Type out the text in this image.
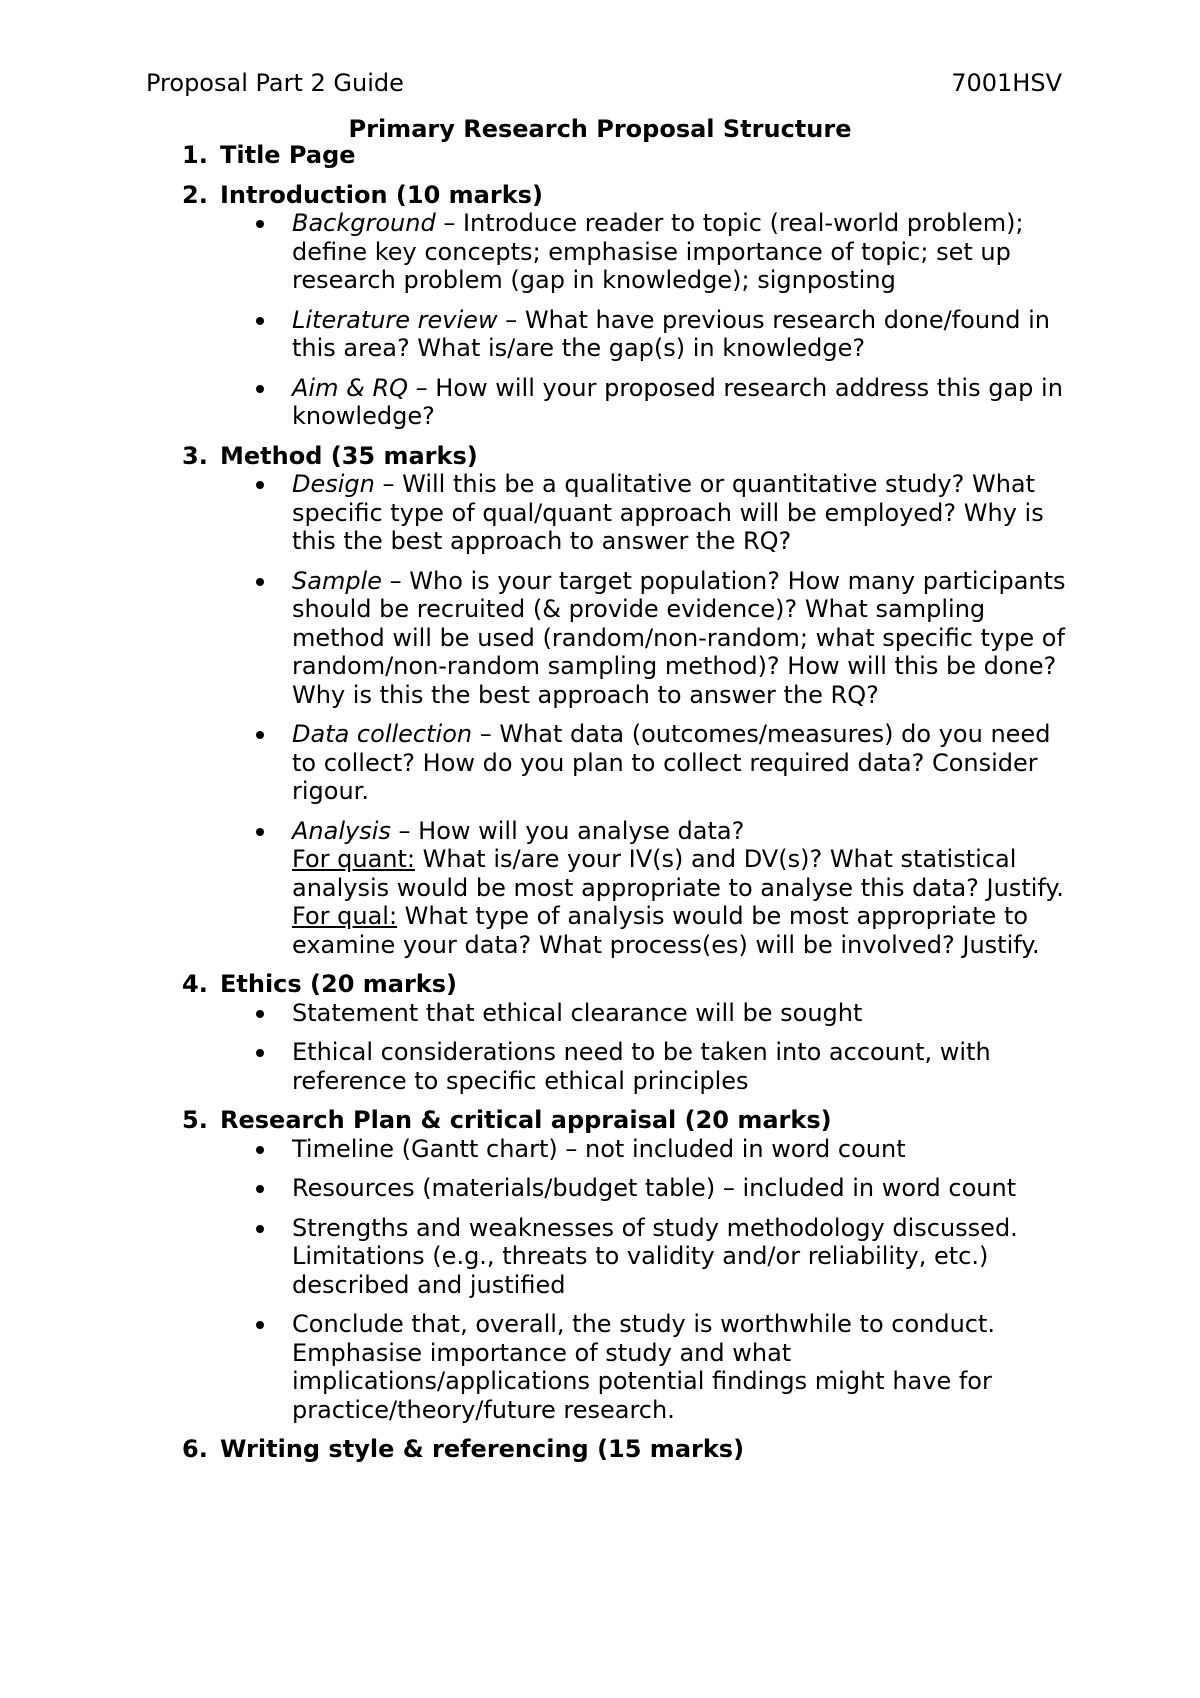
Proposal Part 2 Guide	7001HSV
Primary Research Proposal Structure
1. Title Page
2. Introduction (10 marks)
Background – Introduce reader to topic (real-world problem); define key concepts; emphasise importance of topic; set up research problem (gap in knowledge); signposting
Literature review – What have previous research done/found in this area? What is/are the gap(s) in knowledge?
Aim & RQ – How will your proposed research address this gap in knowledge?
3. Method (35 marks)
Design – Will this be a qualitative or quantitative study? What specific type of qual/quant approach will be employed? Why is this the best approach to answer the RQ?
Sample – Who is your target population? How many participants should be recruited (& provide evidence)? What sampling method will be used (random/non-random; what specific type of random/non-random sampling method)? How will this be done? Why is this the best approach to answer the RQ?
Data collection – What data (outcomes/measures) do you need to collect? How do you plan to collect required data? Consider rigour.
Analysis – How will you analyse data?
For quant: What is/are your IV(s) and DV(s)? What statistical analysis would be most appropriate to analyse this data? Justify.
For qual: What type of analysis would be most appropriate to examine your data? What process(es) will be involved? Justify.
4. Ethics (20 marks)
Statement that ethical clearance will be sought
Ethical considerations need to be taken into account, with reference to specific ethical principles
5. Research Plan & critical appraisal (20 marks)
Timeline (Gantt chart) – not included in word count
Resources (materials/budget table) – included in word count
Strengths and weaknesses of study methodology discussed. Limitations (e.g., threats to validity and/or reliability, etc.) described and justified
Conclude that, overall, the study is worthwhile to conduct. Emphasise importance of study and what implications/applications potential findings might have for practice/theory/future research.
6. Writing style & referencing (15 marks)
